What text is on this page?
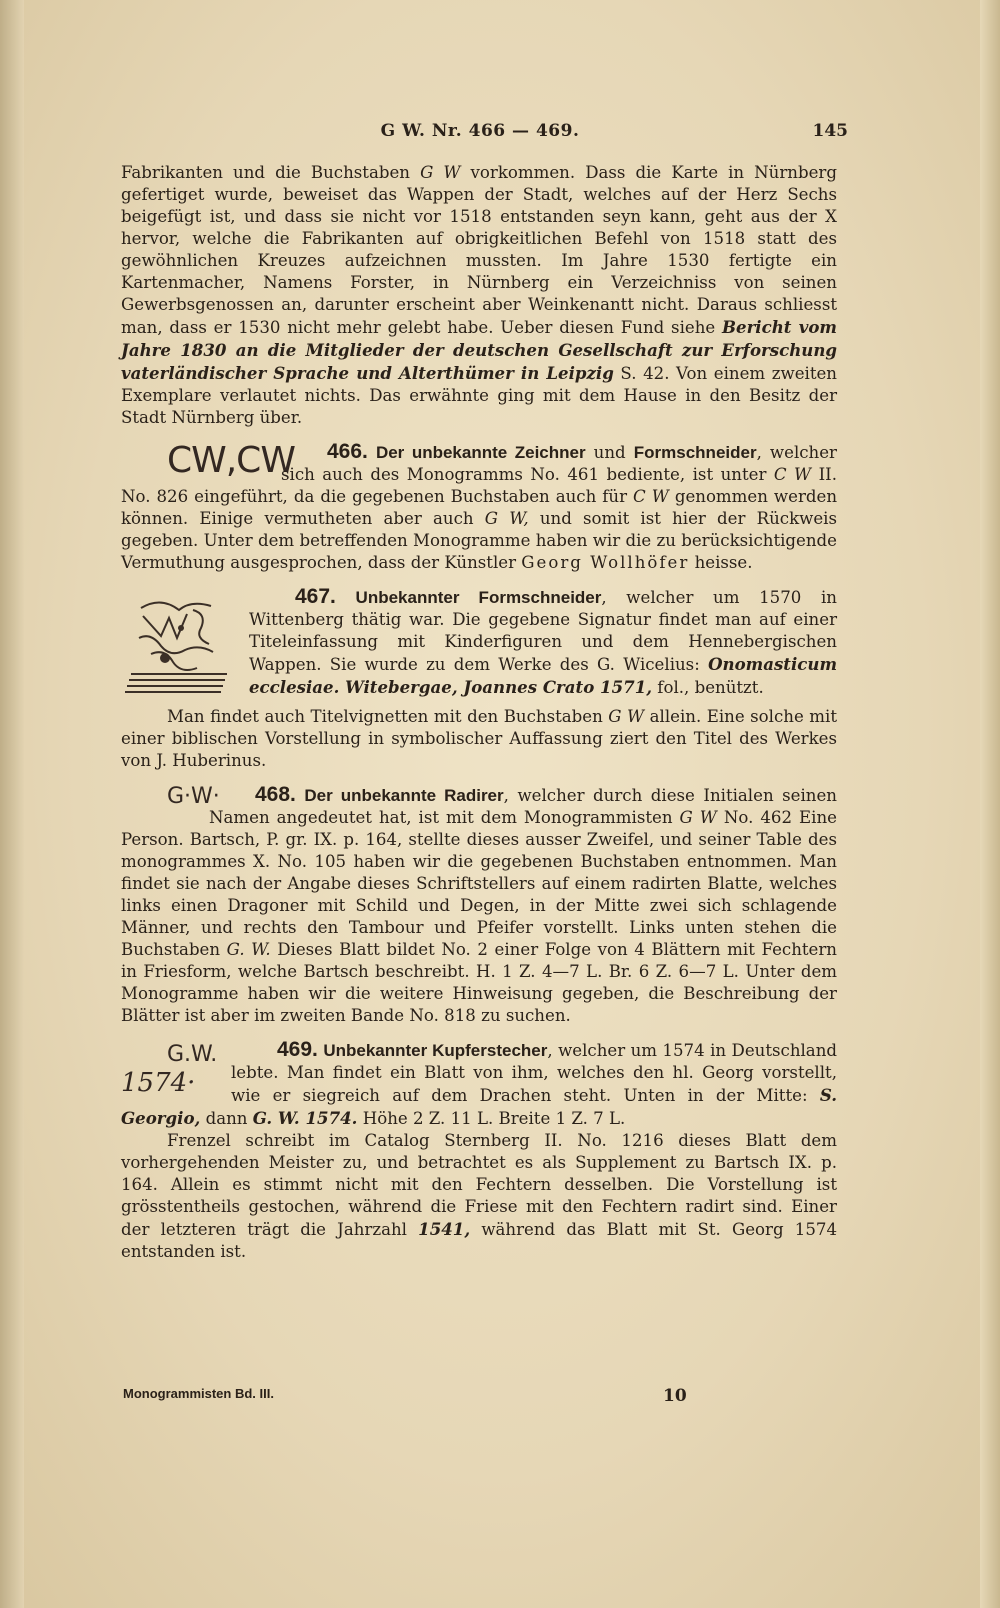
G W. Nr. 466 — 469.	145

Fabrikanten und die Buchstaben G W vorkommen. Dass die Karte in Nürnberg gefertiget wurde, beweiset das Wappen der Stadt, welches auf der Herz Sechs beigefügt ist, und dass sie nicht vor 1518 entstanden seyn kann, geht aus der X hervor, welche die Fabrikanten auf obrigkeitlichen Befehl von 1518 statt des gewöhnlichen Kreuzes aufzeichnen mussten. Im Jahre 1530 fertigte ein Kartenmacher, Namens Forster, in Nürnberg ein Verzeichniss von seinen Gewerbsgenossen an, darunter erscheint aber Weinkenantt nicht. Daraus schliesst man, dass er 1530 nicht mehr gelebt habe. Ueber diesen Fund siehe Bericht vom Jahre 1830 an die Mitglieder der deutschen Gesellschaft zur Erforschung vaterländischer Sprache und Alterthümer in Leipzig S. 42. Von einem zweiten Exemplare verlautet nichts. Das erwähnte ging mit dem Hause in den Besitz der Stadt Nürnberg über.

466. Der unbekannte Zeichner und Formschneider
CW,CW	, welcher sich auch des Monogramms No. 461 bediente, ist unter C W II. No. 826 eingeführt, da die gegebenen Buchstaben auch für C W genommen werden können. Einige vermutheten aber auch G W, und somit ist hier der Rückweis gegeben. Unter dem betreffenden Monogramme haben wir die zu berücksichtigende Vermuthung ausgesprochen, dass der Künstler Georg Wollhöfer heisse.

467. Unbekannter Formschneider
, welcher um 1570 in Wittenberg thätig war. Die gegebene Signatur findet man auf einer Titeleinfassung mit Kinderfiguren und dem Hennebergischen Wappen. Sie wurde zu dem Werke des G. Wicelius: Onomasticum ecclesiae. Witebergae, Joannes Crato 1571, fol., benützt.

Man findet auch Titelvignetten mit den Buchstaben G W allein. Eine solche mit einer biblischen Vorstellung in symbolischer Auffassung ziert den Titel des Werkes von J. Huberinus.

468. Der unbekannte Radirer
G·W·	, welcher durch diese Initialen seinen Namen angedeutet hat, ist mit dem Monogrammisten G W No. 462 Eine Person. Bartsch, P. gr. IX. p. 164, stellte dieses ausser Zweifel, und seiner Table des monogrammes X. No. 105 haben wir die gegebenen Buchstaben entnommen. Man findet sie nach der Angabe dieses Schriftstellers auf einem radirten Blatte, welches links einen Dragoner mit Schild und Degen, in der Mitte zwei sich schlagende Männer, und rechts den Tambour und Pfeifer vorstellt. Links unten stehen die Buchstaben G. W. Dieses Blatt bildet No. 2 einer Folge von 4 Blättern mit Fechtern in Friesform, welche Bartsch beschreibt. H. 1 Z. 4—7 L. Br. 6 Z. 6—7 L. Unter dem Monogramme haben wir die weitere Hinweisung gegeben, die Beschreibung der Blätter ist aber im zweiten Bande No. 818 zu suchen.

469. Unbekannter Kupferstecher
G.W.
1574·
, welcher um 1574 in Deutschland lebte. Man findet ein Blatt von ihm, welches den hl. Georg vorstellt, wie er siegreich auf dem Drachen steht. Unten in der Mitte: S. Georgio, dann G. W. 1574. Höhe 2 Z. 11 L. Breite 1 Z. 7 L.

Frenzel schreibt im Catalog Sternberg II. No. 1216 dieses Blatt dem vorhergehenden Meister zu, und betrachtet es als Supplement zu Bartsch IX. p. 164. Allein es stimmt nicht mit den Fechtern desselben. Die Vorstellung ist grösstentheils gestochen, während die Friese mit den Fechtern radirt sind. Einer der letzteren trägt die Jahrzahl 1541, während das Blatt mit St. Georg 1574 entstanden ist.

Monogrammisten Bd. III.	10
